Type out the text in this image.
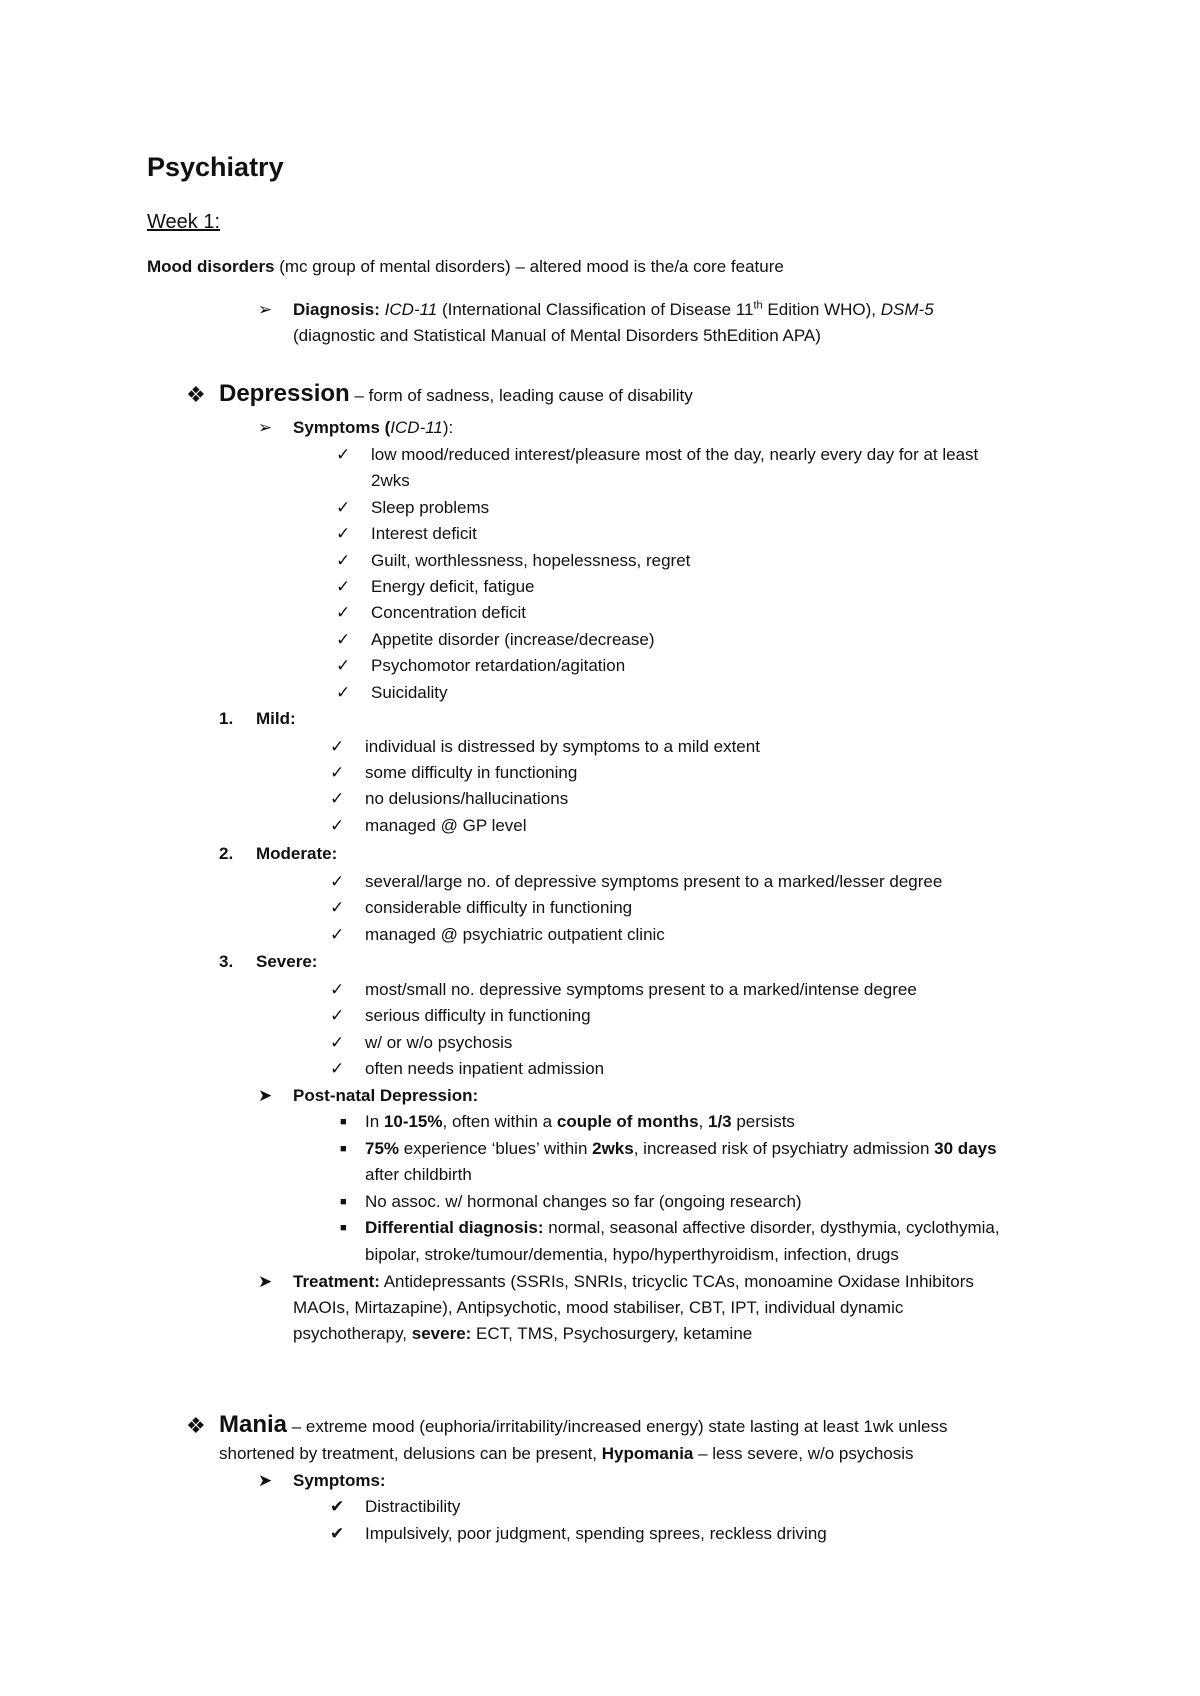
Psychiatry
Week 1:
Mood disorders (mc group of mental disorders) – altered mood is the/a core feature
➢ Diagnosis: ICD-11 (International Classification of Disease 11th Edition WHO), DSM-5
(diagnostic and Statistical Manual of Mental Disorders 5thEdition APA)
❖ Depression – form of sadness, leading cause of disability
➢ Symptoms (ICD-11):
✓ low mood/reduced interest/pleasure most of the day, nearly every day for at least
2wks
✓ Sleep problems
✓ Interest deficit
✓ Guilt, worthlessness, hopelessness, regret
✓ Energy deficit, fatigue
✓ Concentration deficit
✓ Appetite disorder (increase/decrease)
✓ Psychomotor retardation/agitation
✓ Suicidality
1. Mild:
✓ individual is distressed by symptoms to a mild extent
✓ some difficulty in functioning
✓ no delusions/hallucinations
✓ managed @ GP level
2. Moderate:
✓ several/large no. of depressive symptoms present to a marked/lesser degree
✓ considerable difficulty in functioning
✓ managed @ psychiatric outpatient clinic
3. Severe:
✓ most/small no. depressive symptoms present to a marked/intense degree
✓ serious difficulty in functioning
✓ w/ or w/o psychosis
✓ often needs inpatient admission
➤ Post-natal Depression:
■ In 10-15%, often within a couple of months, 1/3 persists
■ 75% experience ‘blues’ within 2wks, increased risk of psychiatry admission 30 days
after childbirth
■ No assoc. w/ hormonal changes so far (ongoing research)
■ Differential diagnosis: normal, seasonal affective disorder, dysthymia, cyclothymia,
bipolar, stroke/tumour/dementia, hypo/hyperthyroidism, infection, drugs
➤ Treatment: Antidepressants (SSRIs, SNRIs, tricyclic TCAs, monoamine Oxidase Inhibitors
MAOIs, Mirtazapine), Antipsychotic, mood stabiliser, CBT, IPT, individual dynamic
psychotherapy, severe: ECT, TMS, Psychosurgery, ketamine
❖ Mania – extreme mood (euphoria/irritability/increased energy) state lasting at least 1wk unless
shortened by treatment, delusions can be present, Hypomania – less severe, w/o psychosis
➤ Symptoms:
✔ Distractibility
✔ Impulsively, poor judgment, spending sprees, reckless driving
